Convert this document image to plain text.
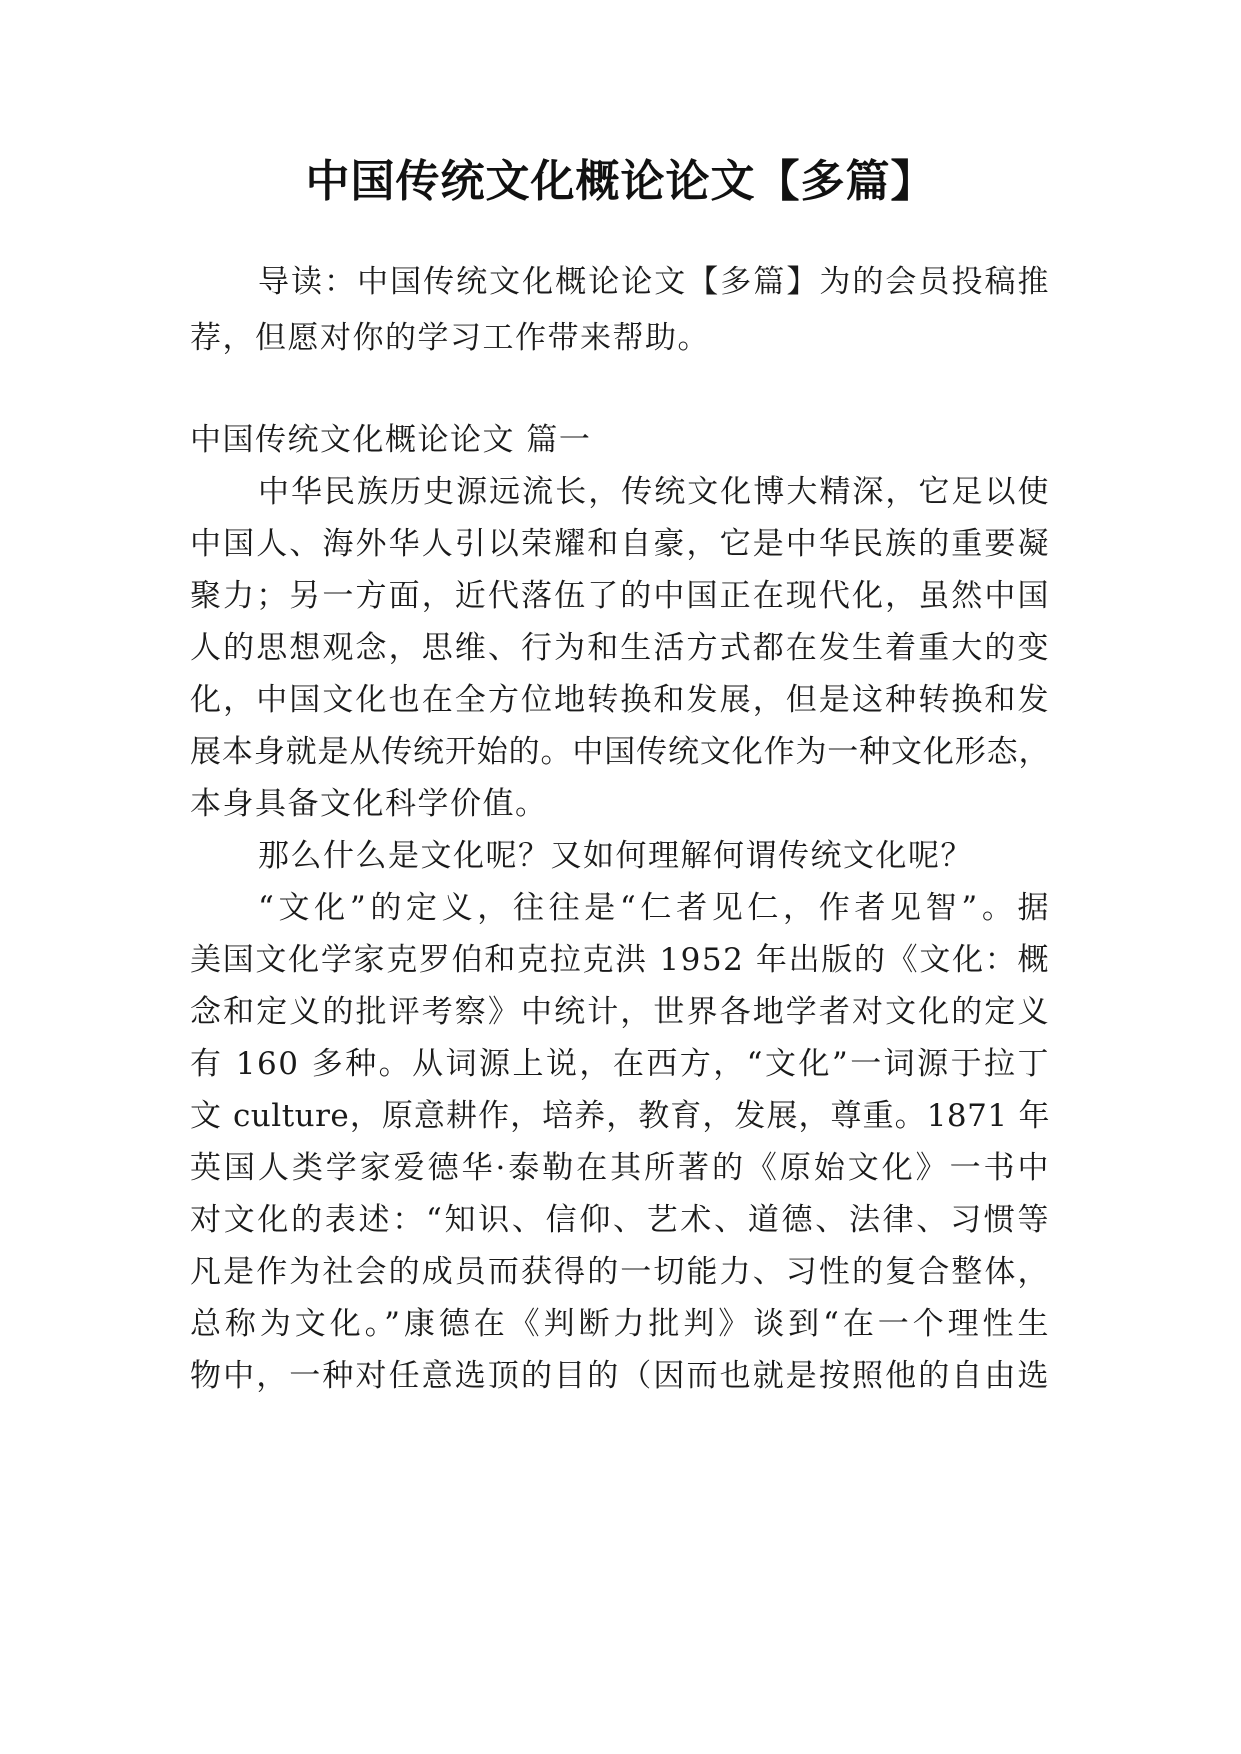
中国传统文化概论论文【多篇】

导读：中国传统文化概论论文【多篇】为的会员投稿推

荐，但愿对你的学习工作带来帮助。

中国传统文化概论论文 篇一

中华民族历史源远流长，传统文化博大精深，它足以使

中国人、海外华人引以荣耀和自豪，它是中华民族的重要凝

聚力；另一方面，近代落伍了的中国正在现代化，虽然中国

人的思想观念，思维、行为和生活方式都在发生着重大的变

化，中国文化也在全方位地转换和发展，但是这种转换和发

展本身就是从传统开始的。中国传统文化作为一种文化形态，

本身具备文化科学价值。

那么什么是文化呢？又如何理解何谓传统文化呢？

“文化”的定义，往往是“仁者见仁，作者见智”。据

美国文化学家克罗伯和克拉克洪 1952 年出版的《文化：概

念和定义的批评考察》中统计，世界各地学者对文化的定义

有 160 多种。从词源上说，在西方，“文化”一词源于拉丁

文 culture，原意耕作，培养，教育，发展，尊重。1871 年

英国人类学家爱德华·泰勒在其所著的《原始文化》一书中

对文化的表述：“知识、信仰、艺术、道德、法律、习惯等

凡是作为社会的成员而获得的一切能力、习性的复合整体，

总称为文化。”康德在《判断力批判》谈到“在一个理性生

物中，一种对任意选顶的目的（因而也就是按照他的自由选
